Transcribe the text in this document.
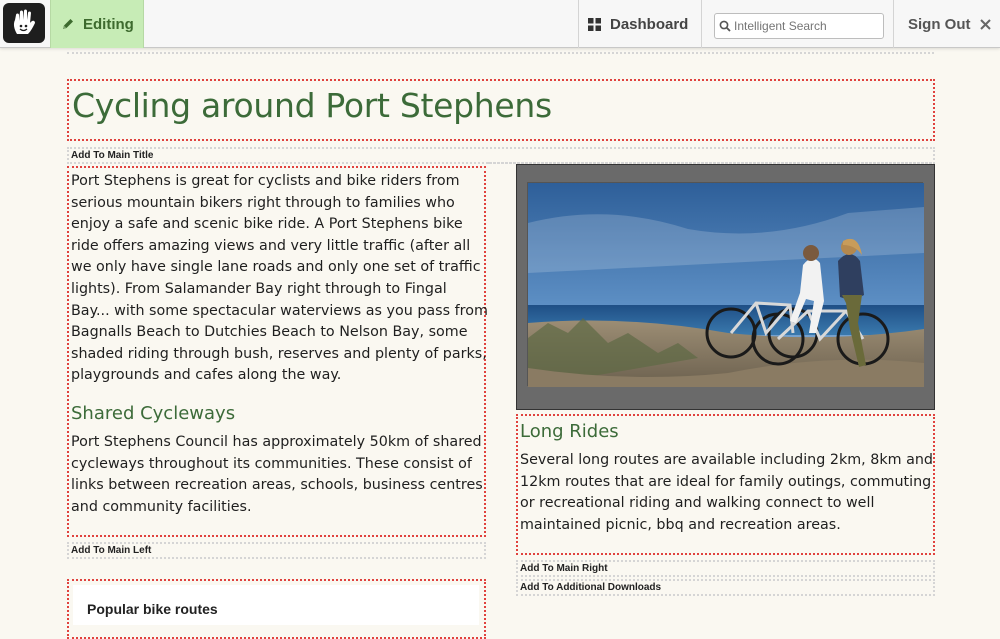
Editing	Dashboard
Intelligent Search	Sign Out
Cycling around Port Stephens
Add To Main Title
Port Stephens is great for cyclists and bike riders from
serious mountain bikers right through to families who
enjoy a safe and scenic bike ride. A Port Stephens bike
ride offers amazing views and very little traffic (after all
we only have single lane roads and only one set of traffic
lights). From Salamander Bay right through to Fingal
Bay... with some spectacular waterviews as you pass from
Bagnalls Beach to Dutchies Beach to Nelson Bay, some
shaded riding through bush, reserves and plenty of parks,
playgrounds and cafes along the way.
Shared Cycleways
Port Stephens Council has approximately 50km of shared
cycleways throughout its communities. These consist of
links between recreation areas, schools, business centres
and community facilities.
Add To Main Left
Long Rides
Several long routes are available including 2km, 8km and
12km routes that are ideal for family outings, commuting
or recreational riding and walking connect to well
maintained picnic, bbq and recreation areas.
Add To Main Right
Add To Additional Downloads
Popular bike routes
